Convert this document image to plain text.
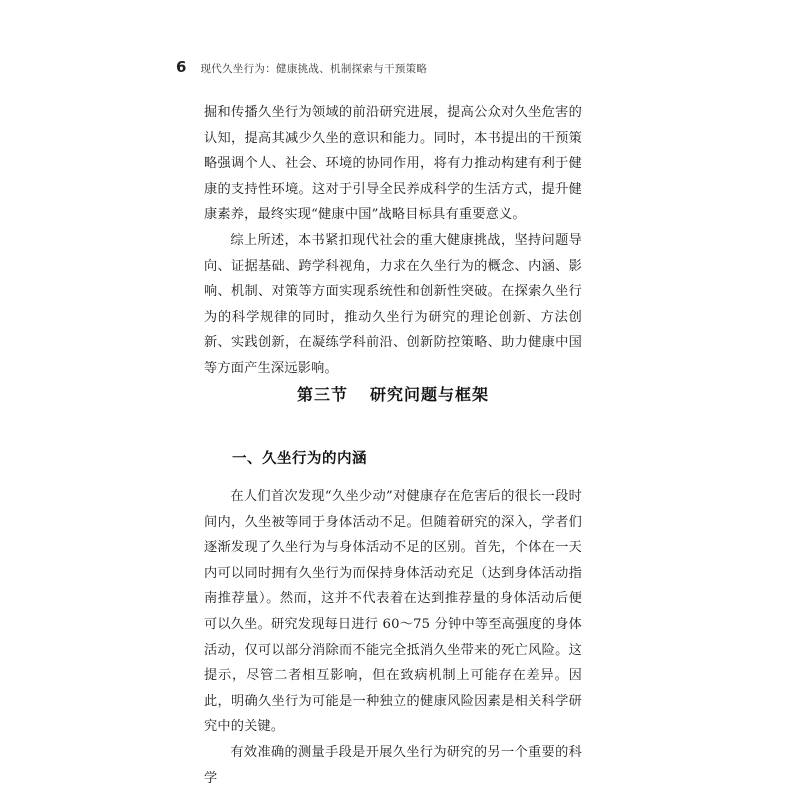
6 现代久坐行为：健康挑战、机制探索与干预策略

掘和传播久坐行为领域的前沿研究进展，提高公众对久坐危害的认知，提高其减少久坐的意识和能力。同时，本书提出的干预策略强调个人、社会、环境的协同作用，将有力推动构建有利于健康的支持性环境。这对于引导全民养成科学的生活方式，提升健康素养，最终实现“健康中国”战略目标具有重要意义。

综上所述，本书紧扣现代社会的重大健康挑战，坚持问题导向、证据基础、跨学科视角，力求在久坐行为的概念、内涵、影响、机制、对策等方面实现系统性和创新性突破。在探索久坐行为的科学规律的同时，推动久坐行为研究的理论创新、方法创新、实践创新，在凝练学科前沿、创新防控策略、助力健康中国等方面产生深远影响。

第三节 研究问题与框架
一、久坐行为的内涵

在人们首次发现“久坐少动”对健康存在危害后的很长一段时间内，久坐被等同于身体活动不足。但随着研究的深入，学者们逐渐发现了久坐行为与身体活动不足的区别。首先，个体在一天内可以同时拥有久坐行为而保持身体活动充足（达到身体活动指南推荐量）。然而，这并不代表着在达到推荐量的身体活动后便可以久坐。研究发现每日进行 60～75 分钟中等至高强度的身体活动，仅可以部分消除而不能完全抵消久坐带来的死亡风险。这提示，尽管二者相互影响，但在致病机制上可能存在差异。因此，明确久坐行为可能是一种独立的健康风险因素是相关科学研究中的关键。

有效准确的测量手段是开展久坐行为研究的另一个重要的科学
